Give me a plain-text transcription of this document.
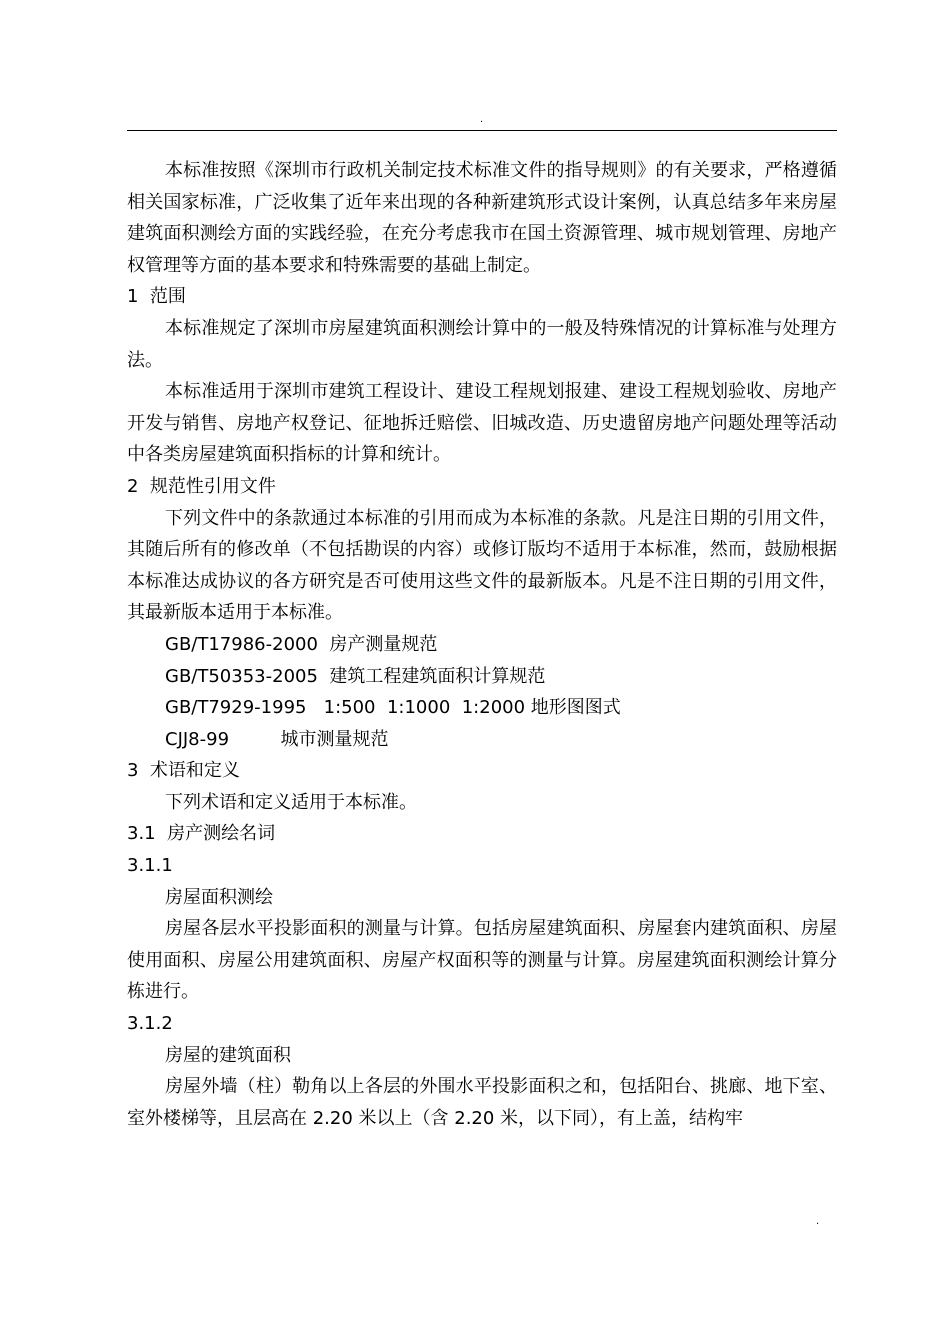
.

本标准按照《深圳市行政机关制定技术标准文件的指导规则》的有关要求，严格遵循相关国家标准，广泛收集了近年来出现的各种新建筑形式设计案例，认真总结多年来房屋建筑面积测绘方面的实践经验，在充分考虑我市在国土资源管理、城市规划管理、房地产权管理等方面的基本要求和特殊需要的基础上制定。

1  范围

本标准规定了深圳市房屋建筑面积测绘计算中的一般及特殊情况的计算标准与处理方法。

本标准适用于深圳市建筑工程设计、建设工程规划报建、建设工程规划验收、房地产开发与销售、房地产权登记、征地拆迁赔偿、旧城改造、历史遗留房地产问题处理等活动中各类房屋建筑面积指标的计算和统计。

2  规范性引用文件

下列文件中的条款通过本标准的引用而成为本标准的条款。凡是注日期的引用文件，其随后所有的修改单（不包括勘误的内容）或修订版均不适用于本标准，然而，鼓励根据本标准达成协议的各方研究是否可使用这些文件的最新版本。凡是不注日期的引用文件，其最新版本适用于本标准。

GB/T17986-2000  房产测量规范

GB/T50353-2005  建筑工程建筑面积计算规范

GB/T7929-1995   1:500  1:1000  1:2000 地形图图式

CJJ8-99         城市测量规范

3  术语和定义

下列术语和定义适用于本标准。

3.1  房产测绘名词

3.1.1

房屋面积测绘

房屋各层水平投影面积的测量与计算。包括房屋建筑面积、房屋套内建筑面积、房屋使用面积、房屋公用建筑面积、房屋产权面积等的测量与计算。房屋建筑面积测绘计算分栋进行。

3.1.2

房屋的建筑面积

房屋外墙（柱）勒角以上各层的外围水平投影面积之和，包括阳台、挑廊、地下室、室外楼梯等，且层高在 2.20 米以上（含 2.20 米，以下同），有上盖，结构牢

.
